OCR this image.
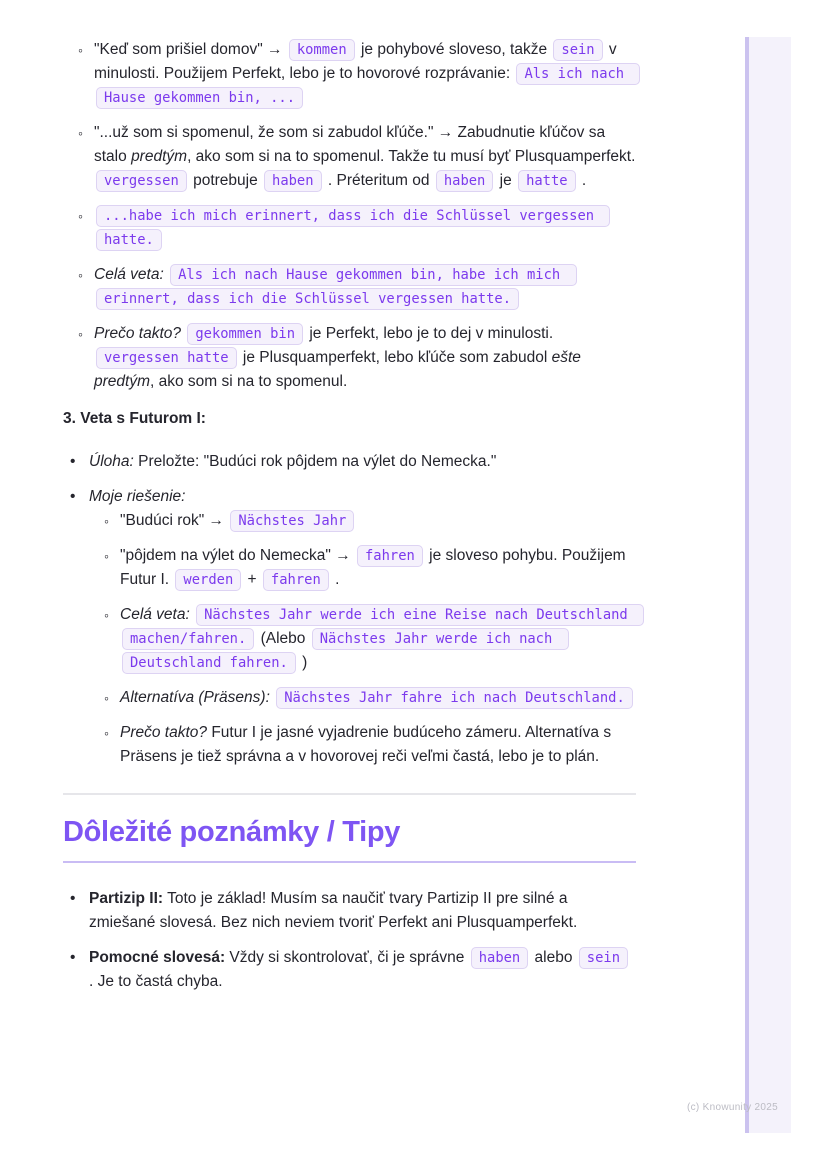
◦ "Keď som prišiel domov" → kommen je pohybové sloveso, takže sein v minulosti. Použijem Perfekt, lebo je to hovorové rozprávanie: Als ich nach Hause gekommen bin, ...
◦ "...už som si spomenul, že som si zabudol kľúče." → Zabudnutie kľúčov sa stalo predtým, ako som si na to spomenul. Takže tu musí byť Plusquamperfekt. vergessen potrebuje haben . Préteritum od haben je hatte .
◦ ...habe ich mich erinnert, dass ich die Schlüssel vergessen hatte.
◦ Celá veta: Als ich nach Hause gekommen bin, habe ich mich erinnert, dass ich die Schlüssel vergessen hatte.
◦ Prečo takto? gekommen bin je Perfekt, lebo je to dej v minulosti. vergessen hatte je Plusquamperfekt, lebo kľúče som zabudol ešte predtým, ako som si na to spomenul.

3. Veta s Futurom I:

• Úloha: Preložte: "Budúci rok pôjdem na výlet do Nemecka."
• Moje riešenie:
◦ "Budúci rok" → Nächstes Jahr
◦ "pôjdem na výlet do Nemecka" → fahren je sloveso pohybu. Použijem Futur I. werden + fahren .
◦ Celá veta: Nächstes Jahr werde ich eine Reise nach Deutschland machen/fahren. (Alebo Nächstes Jahr werde ich nach Deutschland fahren. )
◦ Alternatíva (Präsens): Nächstes Jahr fahre ich nach Deutschland.
◦ Prečo takto? Futur I je jasné vyjadrenie budúceho zámeru. Alternatíva s Präsens je tiež správna a v hovorovej reči veľmi častá, lebo je to plán.
Dôležité poznámky / Tipy
• Partizip II: Toto je základ! Musím sa naučiť tvary Partizip II pre silné a zmiešané slovesá. Bez nich neviem tvoriť Perfekt ani Plusquamperfekt.
• Pomocné slovesá: Vždy si skontrolovať, či je správne haben alebo sein . Je to častá chyba.
(c) Knowunity 2025
